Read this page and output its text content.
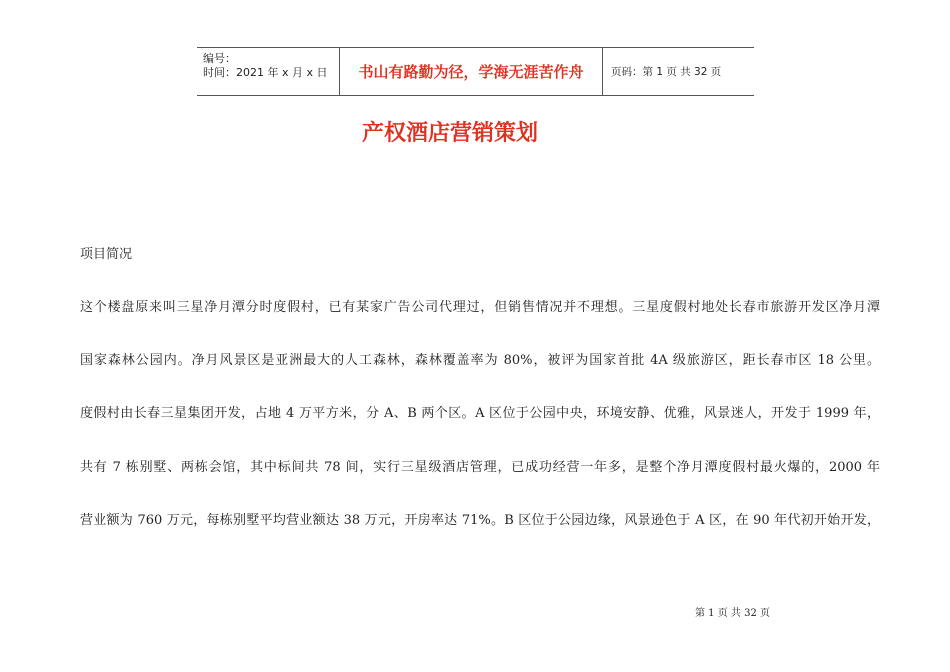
编号：
时间：2021 年 x 月 x 日	书山有路勤为径，学海无涯苦作舟	页码：第 1 页 共 32 页
产权酒店营销策划
项目简况
这个楼盘原来叫三星净月潭分时度假村，已有某家广告公司代理过，但销售情况并不理想。三星度假村地处长春市旅游开发区净月潭
国家森林公园内。净月风景区是亚洲最大的人工森林，森林覆盖率为 80%，被评为国家首批 4A 级旅游区，距长春市区 18 公里。
度假村由长春三星集团开发，占地 4 万平方米，分 A、B 两个区。A 区位于公园中央，环境安静、优雅，风景迷人，开发于 1999 年，
共有 7 栋别墅、两栋会馆，其中标间共 78 间，实行三星级酒店管理，已成功经营一年多，是整个净月潭度假村最火爆的，2000 年
营业额为 760 万元，每栋别墅平均营业额达 38 万元，开房率达 71%。B 区位于公园边缘，风景逊色于 A 区，在 90 年代初开始开发，
第 1 页 共 32 页
